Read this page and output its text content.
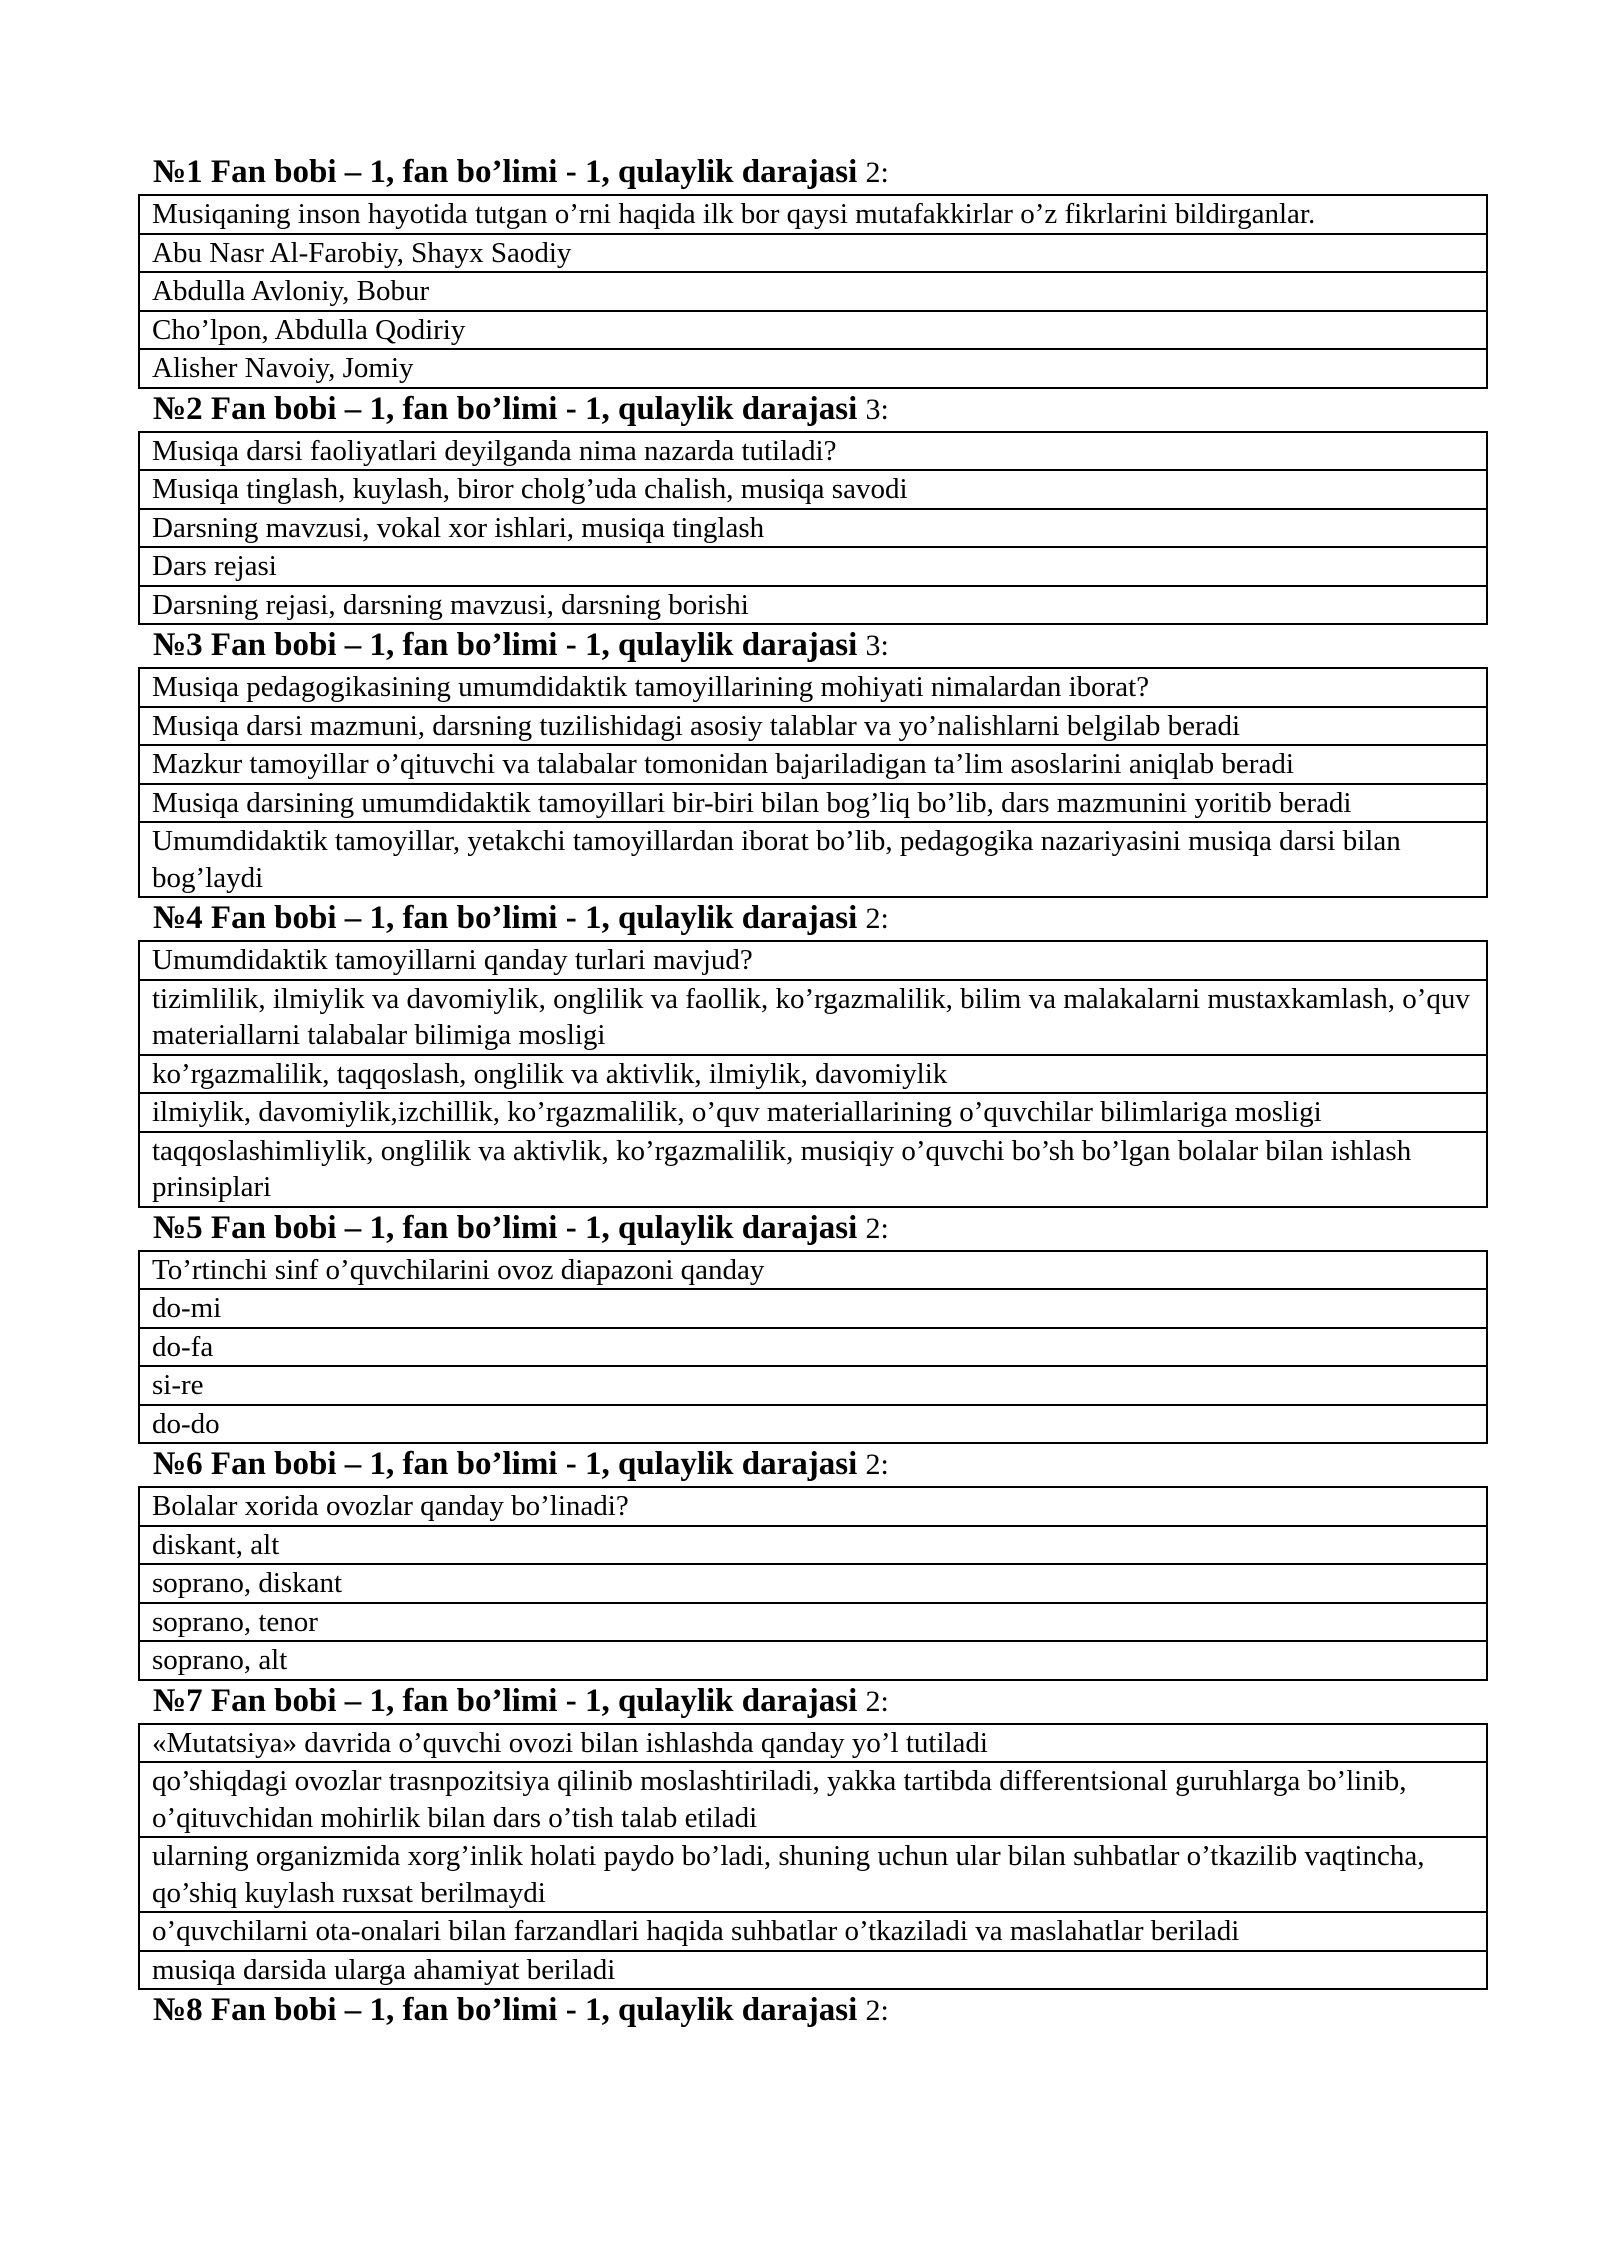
№1 Fan bobi – 1, fan bo’limi - 1, qulaylik darajasi 2:
Musiqaning inson hayotida tutgan o’rni haqida ilk bor qaysi mutafakkirlar o’z fikrlarini bildirganlar.
Abu Nasr Al-Farobiy, Shayx Saodiy
Abdulla Avloniy, Bobur
Cho’lpon, Abdulla Qodiriy
Alisher Navoiy, Jomiy
№2 Fan bobi – 1, fan bo’limi - 1, qulaylik darajasi 3:
Musiqa darsi faoliyatlari deyilganda nima nazarda tutiladi?
Musiqa tinglash, kuylash, biror cholg’uda chalish, musiqa savodi
Darsning mavzusi, vokal xor ishlari, musiqa tinglash
Dars rejasi
Darsning rejasi, darsning mavzusi, darsning borishi
№3 Fan bobi – 1, fan bo’limi - 1, qulaylik darajasi 3:
Musiqa pedagogikasining umumdidaktik tamoyillarining mohiyati nimalardan iborat?
Musiqa darsi mazmuni, darsning tuzilishidagi asosiy talablar va yo’nalishlarni belgilab beradi
Mazkur tamoyillar o’qituvchi va talabalar tomonidan bajariladigan ta’lim asoslarini aniqlab beradi
Musiqa darsining umumdidaktik tamoyillari bir-biri bilan bog’liq bo’lib, dars mazmunini yoritib beradi
Umumdidaktik tamoyillar, yetakchi tamoyillardan iborat bo’lib, pedagogika nazariyasini musiqa darsi bilan bog’laydi
№4 Fan bobi – 1, fan bo’limi - 1, qulaylik darajasi 2:
Umumdidaktik tamoyillarni qanday turlari mavjud?
tizimlilik, ilmiylik va davomiylik, onglilik va faollik, ko’rgazmalilik, bilim va malakalarni mustaxkamlash, o’quv materiallarni talabalar bilimiga mosligi
ko’rgazmalilik, taqqoslash, onglilik va aktivlik, ilmiylik, davomiylik
ilmiylik, davomiylik,izchillik, ko’rgazmalilik, o’quv materiallarining o’quvchilar bilimlariga mosligi
taqqoslashimliylik, onglilik va aktivlik, ko’rgazmalilik, musiqiy o’quvchi bo’sh bo’lgan bolalar bilan ishlash prinsiplari
№5 Fan bobi – 1, fan bo’limi - 1, qulaylik darajasi 2:
To’rtinchi sinf o’quvchilarini ovoz diapazoni qanday
do-mi
do-fa
si-re
do-do
№6 Fan bobi – 1, fan bo’limi - 1, qulaylik darajasi 2:
Bolalar xorida ovozlar qanday bo’linadi?
diskant, alt
soprano, diskant
soprano, tenor
soprano, alt
№7 Fan bobi – 1, fan bo’limi - 1, qulaylik darajasi 2:
«Mutatsiya» davrida o’quvchi ovozi bilan ishlashda qanday yo’l tutiladi
qo’shiqdagi ovozlar trasnpozitsiya qilinib moslashtiriladi, yakka tartibda differentsional guruhlarga bo’linib, o’qituvchidan mohirlik bilan dars o’tish talab etiladi
ularning organizmida xorg’inlik holati paydo bo’ladi, shuning uchun ular bilan suhbatlar o’tkazilib vaqtincha, qo’shiq kuylash ruxsat berilmaydi
o’quvchilarni ota-onalari bilan farzandlari haqida suhbatlar o’tkaziladi va maslahatlar beriladi
musiqa darsida ularga ahamiyat beriladi
№8 Fan bobi – 1, fan bo’limi - 1, qulaylik darajasi 2:
